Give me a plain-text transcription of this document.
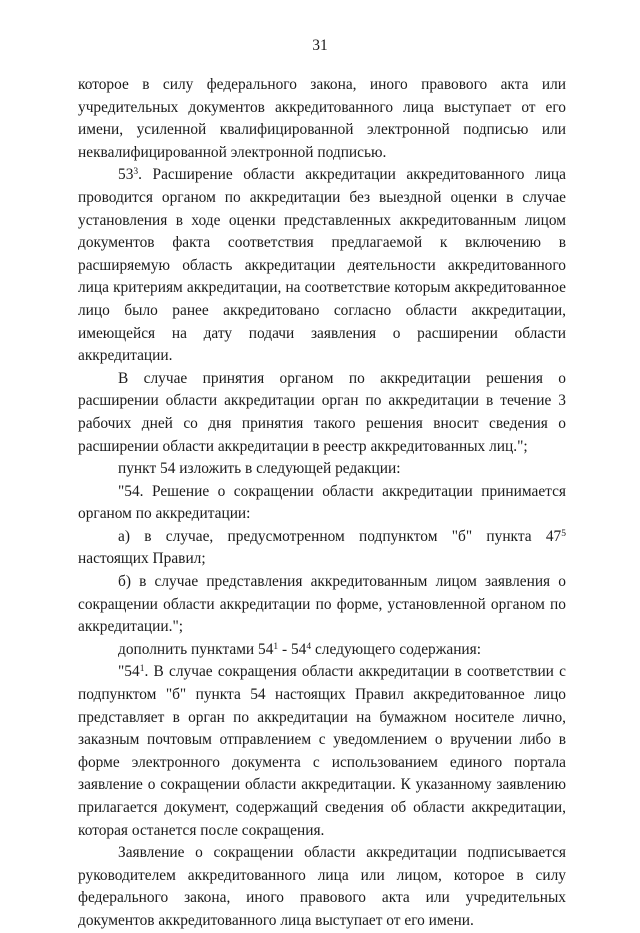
31

которое в силу федерального закона, иного правового акта или учредительных документов аккредитованного лица выступает от его имени, усиленной квалифицированной электронной подписью или неквалифицированной электронной подписью.

$53^3$. Расширение области аккредитации аккредитованного лица проводится органом по аккредитации без выездной оценки в случае установления в ходе оценки представленных аккредитованным лицом документов факта соответствия предлагаемой к включению в расширяемую область аккредитации деятельности аккредитованного лица критериям аккредитации, на соответствие которым аккредитованное лицо было ранее аккредитовано согласно области аккредитации, имеющейся на дату подачи заявления о расширении области аккредитации.

В случае принятия органом по аккредитации решения о расширении области аккредитации орган по аккредитации в течение 3 рабочих дней со дня принятия такого решения вносит сведения о расширении области аккредитации в реестр аккредитованных лиц.";

пункт 54 изложить в следующей редакции:

"54. Решение о сокращении области аккредитации принимается органом по аккредитации:

а) в случае, предусмотренном подпунктом "б" пункта $47^5$ настоящих Правил;

б) в случае представления аккредитованным лицом заявления о сокращении области аккредитации по форме, установленной органом по аккредитации.";

дополнить пунктами $54^1 - 54^4$ следующего содержания:

"$54^1$. В случае сокращения области аккредитации в соответствии с подпунктом "б" пункта 54 настоящих Правил аккредитованное лицо представляет в орган по аккредитации на бумажном носителе лично, заказным почтовым отправлением с уведомлением о вручении либо в форме электронного документа с использованием единого портала заявление о сокращении области аккредитации. К указанному заявлению прилагается документ, содержащий сведения об области аккредитации, которая останется после сокращения.

Заявление о сокращении области аккредитации подписывается руководителем аккредитованного лица или лицом, которое в силу федерального закона, иного правового акта или учредительных документов аккредитованного лица выступает от его имени.
